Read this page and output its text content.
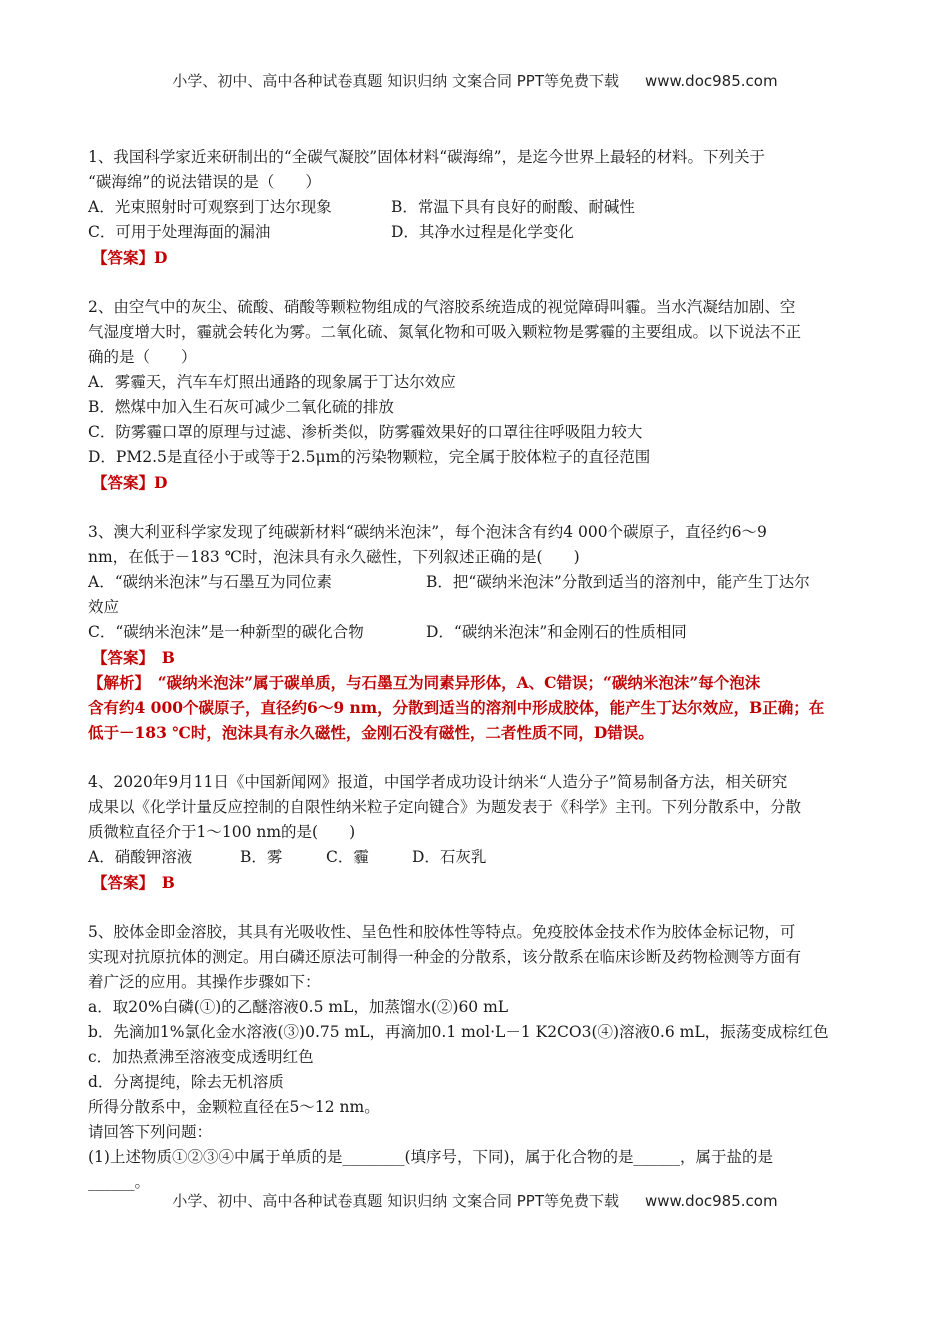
小学、初中、高中各种试卷真题 知识归纳 文案合同 PPT等免费下载 www.doc985.com
1、我国科学家近来研制出的“全碳气凝胶”固体材料“碳海绵”，是迄今世界上最轻的材料。下列关于
“碳海绵”的说法错误的是（　　）
A．光束照射时可观察到丁达尔现象	B．常温下具有良好的耐酸、耐碱性
C．可用于处理海面的漏油	D．其净水过程是化学变化
【答案】D
2、由空气中的灰尘、硫酸、硝酸等颗粒物组成的气溶胶系统造成的视觉障碍叫霾。当水汽凝结加剧、空
气湿度增大时，霾就会转化为雾。二氧化硫、氮氧化物和可吸入颗粒物是雾霾的主要组成。以下说法不正
确的是（　　）
A．雾霾天，汽车车灯照出通路的现象属于丁达尔效应
B．燃煤中加入生石灰可减少二氧化硫的排放
C．防雾霾口罩的原理与过滤、渗析类似，防雾霾效果好的口罩往往呼吸阻力较大
D．PM2.5是直径小于或等于2.5μm的污染物颗粒，完全属于胶体粒子的直径范围
【答案】D
3、澳大利亚科学家发现了纯碳新材料“碳纳米泡沫”，每个泡沫含有约4 000个碳原子，直径约6～9
nm，在低于－183 ℃时，泡沫具有永久磁性，下列叙述正确的是(　　)
A．“碳纳米泡沫”与石墨互为同位素	B．把“碳纳米泡沫”分散到适当的溶剂中，能产生丁达尔
效应
C．“碳纳米泡沫”是一种新型的碳化合物	D．“碳纳米泡沫”和金刚石的性质相同
【答案】　B
【解析】　“碳纳米泡沫”属于碳单质，与石墨互为同素异形体，A、C错误；“碳纳米泡沫”每个泡沫
含有约4 000个碳原子，直径约6～9 nm，分散到适当的溶剂中形成胶体，能产生丁达尔效应，B正确；在
低于－183 ℃时，泡沫具有永久磁性，金刚石没有磁性，二者性质不同，D错误。
4、2020年9月11日《中国新闻网》报道，中国学者成功设计纳米“人造分子”简易制备方法，相关研究
成果以《化学计量反应控制的自限性纳米粒子定向键合》为题发表于《科学》主刊。下列分散系中，分散
质微粒直径介于1～100 nm的是(　　)
A．硝酸钾溶液	B．雾	C．霾	D．石灰乳
【答案】　B
5、胶体金即金溶胶，其具有光吸收性、呈色性和胶体性等特点。免疫胶体金技术作为胶体金标记物，可
实现对抗原抗体的测定。用白磷还原法可制得一种金的分散系，该分散系在临床诊断及药物检测等方面有
着广泛的应用。其操作步骤如下：
a．取20%白磷(①)的乙醚溶液0.5 mL，加蒸馏水(②)60 mL
b．先滴加1%氯化金水溶液(③)0.75 mL，再滴加0.1 mol·L－1 K2CO3(④)溶液0.6 mL，振荡变成棕红色
c．加热煮沸至溶液变成透明红色
d．分离提纯，除去无机溶质
所得分散系中，金颗粒直径在5～12 nm。
请回答下列问题：
(1)上述物质①②③④中属于单质的是________(填序号，下同)，属于化合物的是______，属于盐的是
______。
小学、初中、高中各种试卷真题 知识归纳 文案合同 PPT等免费下载 www.doc985.com
